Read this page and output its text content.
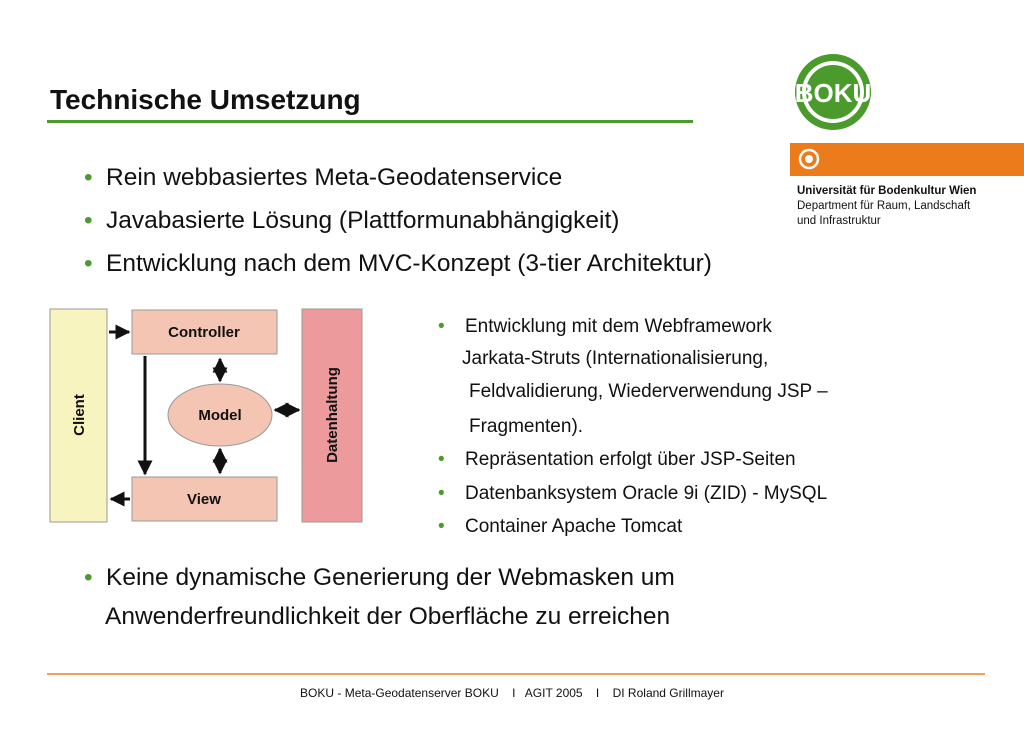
Technische Umsetzung	BOKU
Universität für Bodenkultur Wien
Department für Raum, Landschaft
und Infrastruktur
• Rein webbasiertes Meta-Geodatenservice
• Javabasierte Lösung (Plattformunabhängigkeit)
• Entwicklung nach dem MVC-Konzept (3-tier Architektur)
Client
Controller
Model
View
Datenhaltung
• Entwicklung mit dem Webframework
Jarkata-Struts (Internationalisierung,
Feldvalidierung, Wiederverwendung JSP –
Fragmenten).
• Repräsentation erfolgt über JSP-Seiten
• Datenbanksystem Oracle 9i (ZID) - MySQL
• Container Apache Tomcat
• Keine dynamische Generierung der Webmasken um
Anwenderfreundlichkeit der Oberfläche zu erreichen
BOKU - Meta-Geodatenserver BOKU    I   AGIT 2005    I    DI Roland Grillmayer
